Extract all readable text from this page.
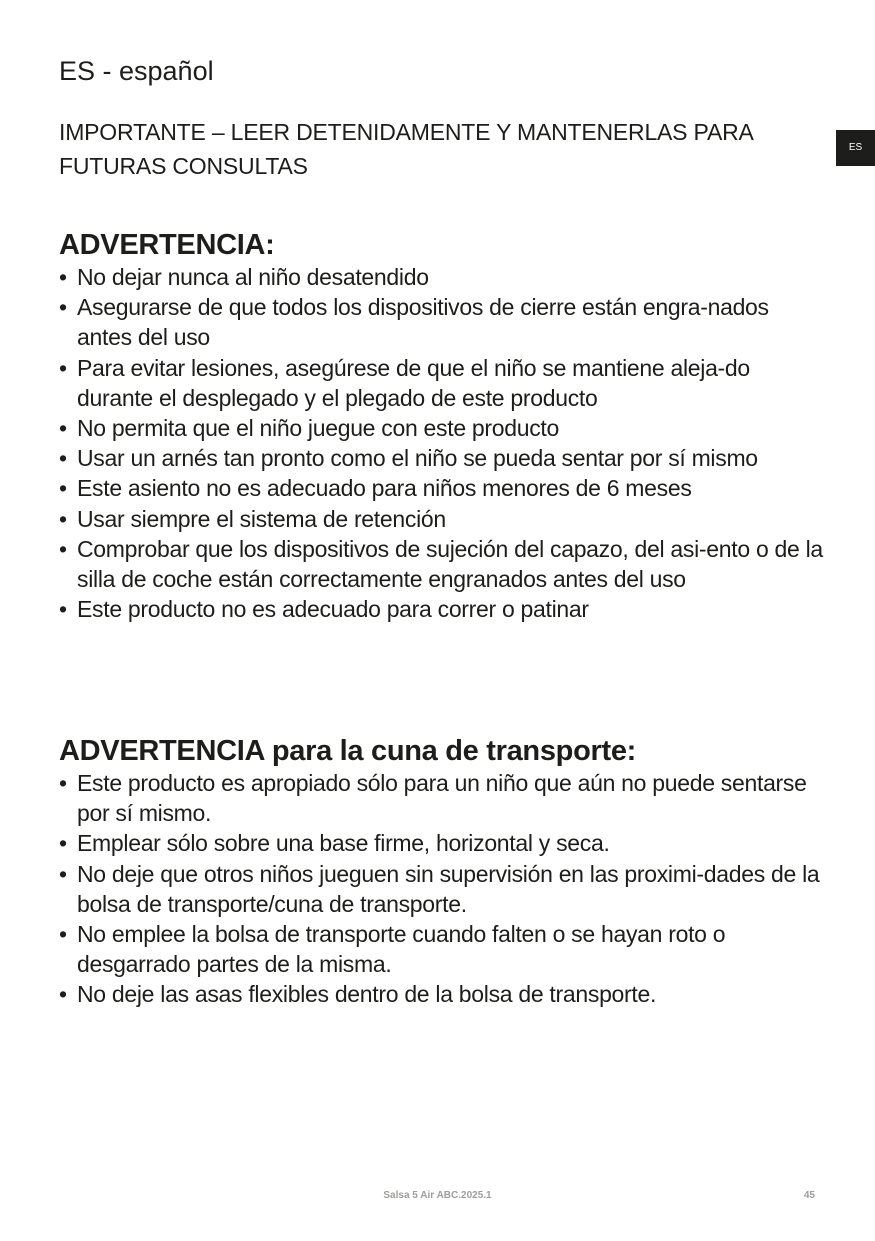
ES - español

IMPORTANTE – LEER DETENIDAMENTE Y MANTENERLAS PARA FUTURAS CONSULTAS

ES
ADVERTENCIA:
• No dejar nunca al niño desatendido
• Asegurarse de que todos los dispositivos de cierre están engra-nados antes del uso
• Para evitar lesiones, asegúrese de que el niño se mantiene aleja-do durante el desplegado y el plegado de este producto
• No permita que el niño juegue con este producto
• Usar un arnés tan pronto como el niño se pueda sentar por sí mismo
• Este asiento no es adecuado para niños menores de 6 meses
• Usar siempre el sistema de retención
• Comprobar que los dispositivos de sujeción del capazo, del asi-ento o de la silla de coche están correctamente engranados antes del uso
• Este producto no es adecuado para correr o patinar
ADVERTENCIA para la cuna de transporte:
• Este producto es apropiado sólo para un niño que aún no puede sentarse por sí mismo.
• Emplear sólo sobre una base firme, horizontal y seca.
• No deje que otros niños jueguen sin supervisión en las proximi-dades de la bolsa de transporte/cuna de transporte.
• No emplee la bolsa de transporte cuando falten o se hayan roto o desgarrado partes de la misma.
• No deje las asas flexibles dentro de la bolsa de transporte.
Salsa 5 Air ABC.2025.1	45
